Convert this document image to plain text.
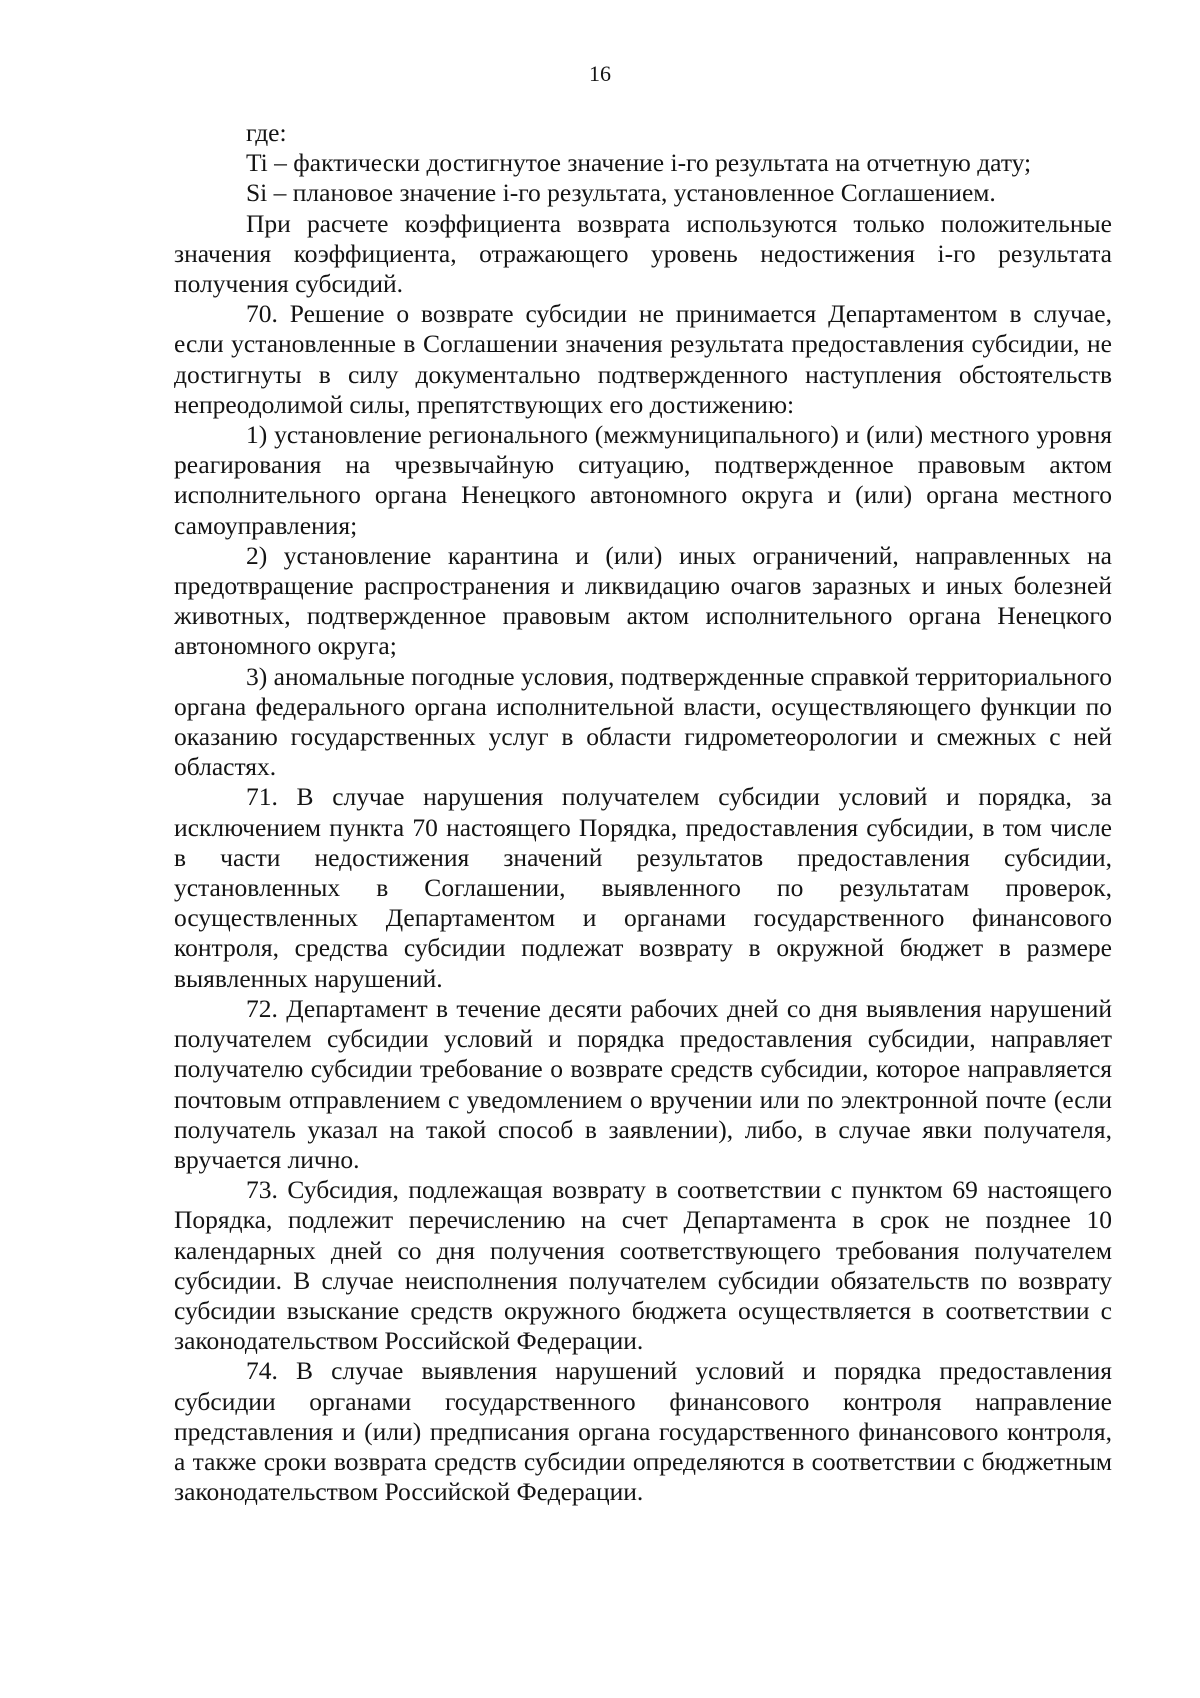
16

где:

Ti – фактически достигнутое значение i-го результата на отчетную дату;

Si – плановое значение i-го результата, установленное Соглашением.

При расчете коэффициента возврата используются только положительные значения коэффициента, отражающего уровень недостижения i-го результата получения субсидий.

70. Решение о возврате субсидии не принимается Департаментом в случае, если установленные в Соглашении значения результата предоставления субсидии, не достигнуты в силу документально подтвержденного наступления обстоятельств непреодолимой силы, препятствующих его достижению:

1) установление регионального (межмуниципального) и (или) местного уровня реагирования на чрезвычайную ситуацию, подтвержденное правовым актом исполнительного органа Ненецкого автономного округа и (или) органа местного самоуправления;

2) установление карантина и (или) иных ограничений, направленных на предотвращение распространения и ликвидацию очагов заразных и иных болезней животных, подтвержденное правовым актом исполнительного органа Ненецкого автономного округа;

3) аномальные погодные условия, подтвержденные справкой территориального органа федерального органа исполнительной власти, осуществляющего функции по оказанию государственных услуг в области гидрометеорологии и смежных с ней областях.

71. В случае нарушения получателем субсидии условий и порядка, за исключением пункта 70 настоящего Порядка, предоставления субсидии, в том числе в части недостижения значений результатов предоставления субсидии, установленных в Соглашении, выявленного по результатам проверок, осуществленных Департаментом и органами государственного финансового контроля, средства субсидии подлежат возврату в окружной бюджет в размере выявленных нарушений.

72. Департамент в течение десяти рабочих дней со дня выявления нарушений получателем субсидии условий и порядка предоставления субсидии, направляет получателю субсидии требование о возврате средств субсидии, которое направляется почтовым отправлением с уведомлением о вручении или по электронной почте (если получатель указал на такой способ в заявлении), либо, в случае явки получателя, вручается лично.

73. Субсидия, подлежащая возврату в соответствии с пунктом 69 настоящего Порядка, подлежит перечислению на счет Департамента в срок не позднее 10 календарных дней со дня получения соответствующего требования получателем субсидии. В случае неисполнения получателем субсидии обязательств по возврату субсидии взыскание средств окружного бюджета осуществляется в соответствии с законодательством Российской Федерации.

74. В случае выявления нарушений условий и порядка предоставления субсидии органами государственного финансового контроля направление представления и (или) предписания органа государственного финансового контроля, а также сроки возврата средств субсидии определяются в соответствии с бюджетным законодательством Российской Федерации.
